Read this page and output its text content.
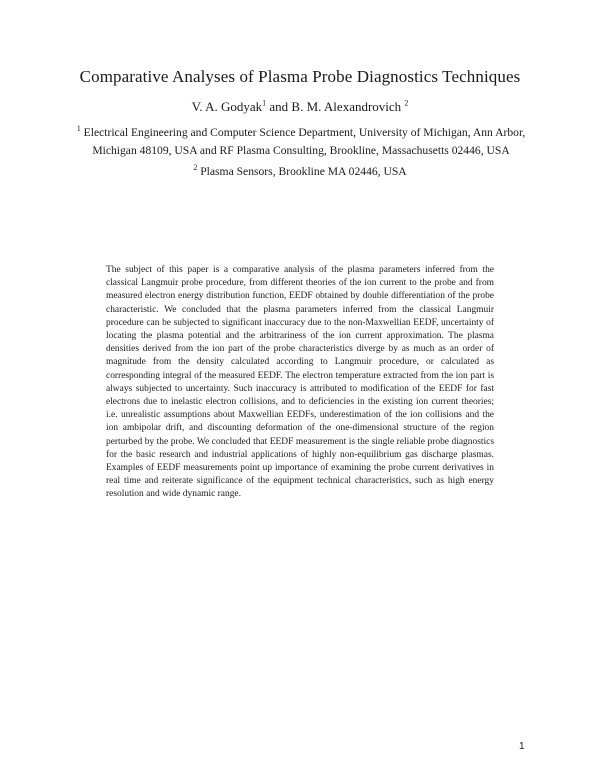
Comparative Analyses of Plasma Probe Diagnostics Techniques
V. A. Godyak$^1$ and B. M. Alexandrovich $^2$
$^1$ Electrical Engineering and Computer Science Department, University of Michigan, Ann Arbor, Michigan 48109, USA and RF Plasma Consulting, Brookline, Massachusetts 02446, USA
$^2$ Plasma Sensors, Brookline MA 02446, USA
The subject of this paper is a comparative analysis of the plasma parameters inferred from the classical Langmuir probe procedure, from different theories of the ion current to the probe and from measured electron energy distribution function, EEDF obtained by double differentiation of the probe characteristic. We concluded that the plasma parameters inferred from the classical Langmuir procedure can be subjected to significant inaccuracy due to the non-Maxwellian EEDF, uncertainty of locating the plasma potential and the arbitrariness of the ion current approximation. The plasma densities derived from the ion part of the probe characteristics diverge by as much as an order of magnitude from the density calculated according to Langmuir procedure, or calculated as corresponding integral of the measured EEDF. The electron temperature extracted from the ion part is always subjected to uncertainty. Such inaccuracy is attributed to modification of the EEDF for fast electrons due to inelastic electron collisions, and to deficiencies in the existing ion current theories; i.e. unrealistic assumptions about Maxwellian EEDFs, underestimation of the ion collisions and the ion ambipolar drift, and discounting deformation of the one-dimensional structure of the region perturbed by the probe. We concluded that EEDF measurement is the single reliable probe diagnostics for the basic research and industrial applications of highly non-equilibrium gas discharge plasmas. Examples of EEDF measurements point up importance of examining the probe current derivatives in real time and reiterate significance of the equipment technical characteristics, such as high energy resolution and wide dynamic range.
1
